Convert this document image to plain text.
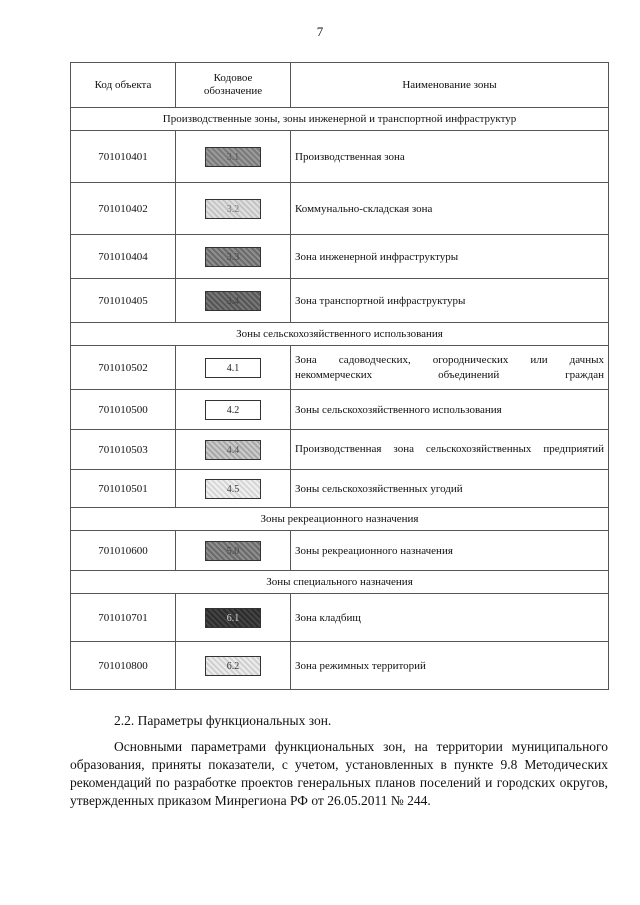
7
Код объекта	Кодовое обозначение	Наименование зоны
Производственные зоны, зоны инженерной и транспортной инфраструктур		
701010401	3.1	Производственная зона
701010402	3.2	Коммунально-складская зона
701010404	3.3	Зона инженерной инфраструктуры
701010405	3.4	Зона транспортной инфраструктуры
Зоны сельскохозяйственного использования		
701010502	4.1	Зона садоводческих, огороднических или дачных некоммерческих объединений граждан
701010500	4.2	Зоны сельскохозяйственного использования
701010503	4.4	Производственная зона сельскохозяйственных предприятий
701010501	4.5	Зоны сельскохозяйственных угодий
Зоны рекреационного назначения		
701010600	5.0	Зоны рекреационного назначения
Зоны специального назначения		
701010701	6.1	Зона кладбищ
701010800	6.2	Зона режимных территорий
2.2. Параметры функциональных зон.
Основными параметрами функциональных зон, на территории муниципального образования, приняты показатели, с учетом, установленных в пункте 9.8 Методических рекомендаций по разработке проектов генеральных планов поселений и городских округов, утвержденных приказом Минрегиона РФ от 26.05.2011 № 244.
